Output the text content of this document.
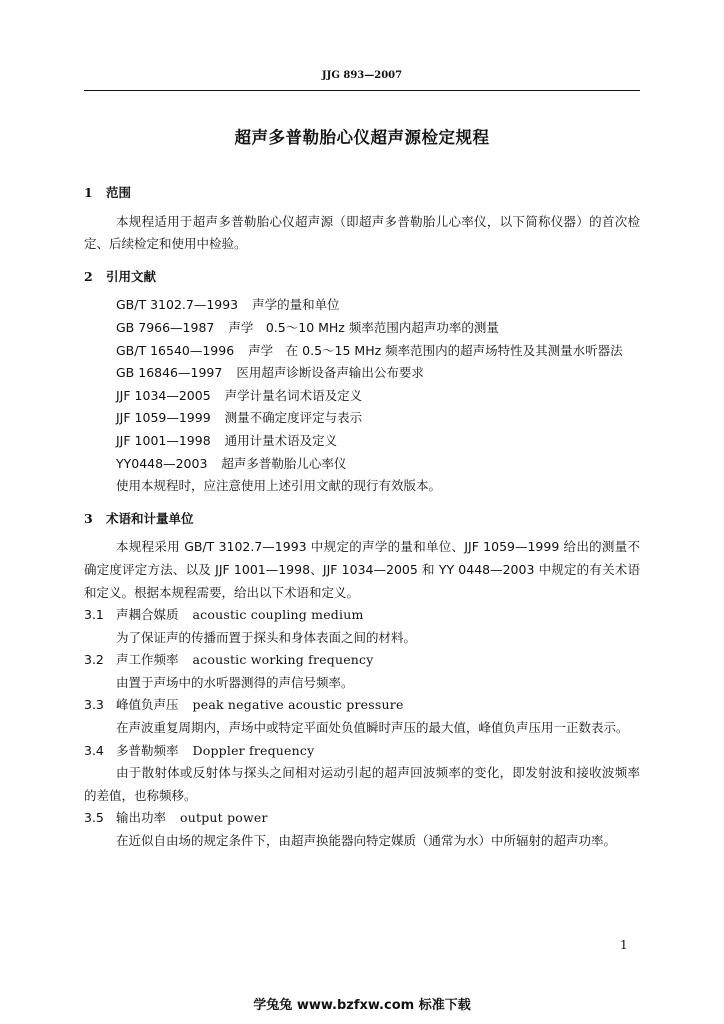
JJG 893—2007
超声多普勒胎心仪超声源检定规程

1 范围

本规程适用于超声多普勒胎心仪超声源（即超声多普勒胎儿心率仪，以下简称仪器）的首次检定、后续检定和使用中检验。

2 引用文献

GB/T 3102.7—1993 声学的量和单位

GB 7966—1987 声学　0.5～10 MHz 频率范围内超声功率的测量

GB/T 16540—1996 声学　在 0.5～15 MHz 频率范围内的超声场特性及其测量水听器法

GB 16846—1997 医用超声诊断设备声输出公布要求

JJF 1034—2005 声学计量名词术语及定义

JJF 1059—1999 测量不确定度评定与表示

JJF 1001—1998 通用计量术语及定义

YY0448—2003 超声多普勒胎儿心率仪

使用本规程时，应注意使用上述引用文献的现行有效版本。

3 术语和计量单位

本规程采用 GB/T 3102.7—1993 中规定的声学的量和单位、JJF 1059—1999 给出的测量不确定度评定方法、以及 JJF 1001—1998、JJF 1034—2005 和 YY 0448—2003 中规定的有关术语和定义。根据本规程需要，给出以下术语和定义。

3.1 声耦合媒质 acoustic coupling medium

为了保证声的传播而置于探头和身体表面之间的材料。

3.2 声工作频率 acoustic working frequency

由置于声场中的水听器测得的声信号频率。

3.3 峰值负声压 peak negative acoustic pressure

在声波重复周期内，声场中或特定平面处负值瞬时声压的最大值，峰值负声压用一正数表示。

3.4 多普勒频率 Doppler frequency

由于散射体或反射体与探头之间相对运动引起的超声回波频率的变化，即发射波和接收波频率的差值，也称频移。

3.5 输出功率 output power

在近似自由场的规定条件下，由超声换能器向特定媒质（通常为水）中所辐射的超声功率。

1
学兔兔 www.bzfxw.com 标准下载
